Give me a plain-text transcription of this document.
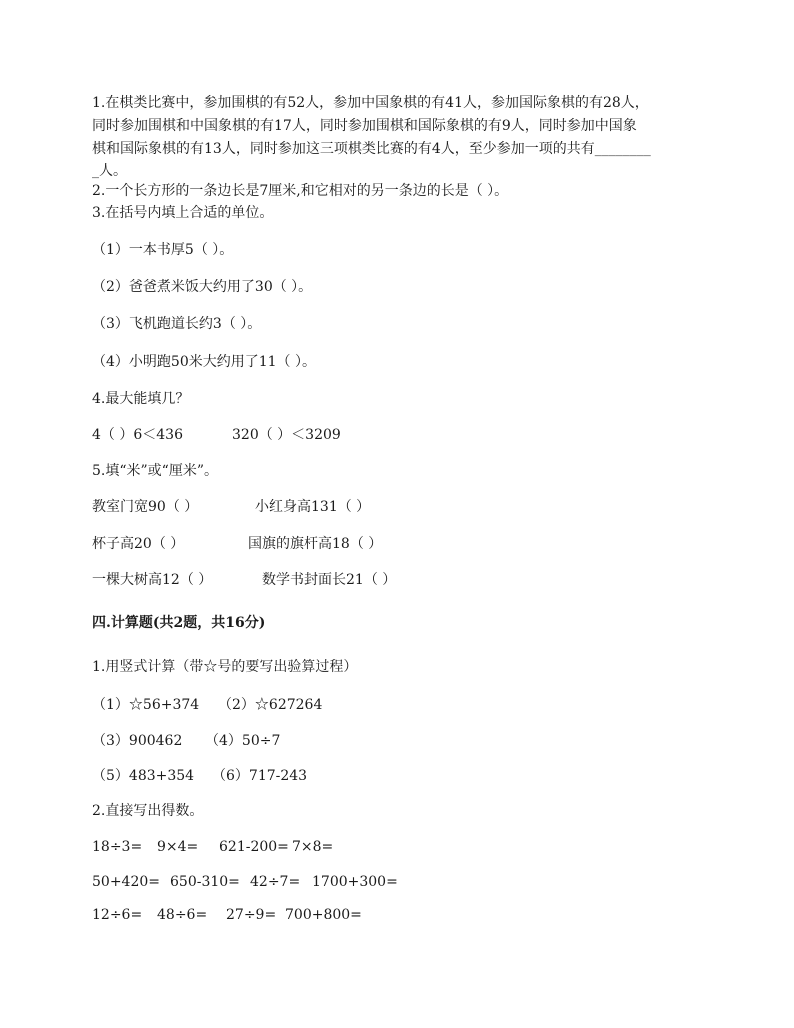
1.在棋类比赛中，参加围棋的有52人，参加中国象棋的有41人，参加国际象棋的有28人，
同时参加围棋和中国象棋的有17人，同时参加围棋和国际象棋的有9人，同时参加中国象
棋和国际象棋的有13人，同时参加这三项棋类比赛的有4人，至少参加一项的共有________
_人。
2.一个长方形的一条边长是7厘米,和它相对的另一条边的长是（ ）。
3.在括号内填上合适的单位。
（1）一本书厚5（ ）。
（2）爸爸煮米饭大约用了30（ ）。
（3）飞机跑道长约3（ ）。
（4）小明跑50米大约用了11（ ）。
4.最大能填几？
4（ ）6＜436	320（ ）＜3209
5.填“米”或“厘米”。
教室门宽90（ ）	小红身高131（ ）
杯子高20（ ）	国旗的旗杆高18（ ）
一棵大树高12（ ）	数学书封面长21（ ）
四.计算题(共2题，共16分)
1.用竖式计算（带☆号的要写出验算过程）
（1）☆56+374 （2）☆627264
（3）900462 （4）50÷7
（5）483+354 （6）717-243
2.直接写出得数。
18÷3= 9×4= 621-200= 7×8=
50+420= 650-310= 42÷7= 1700+300=
12÷6= 48÷6= 27÷9= 700+800=
